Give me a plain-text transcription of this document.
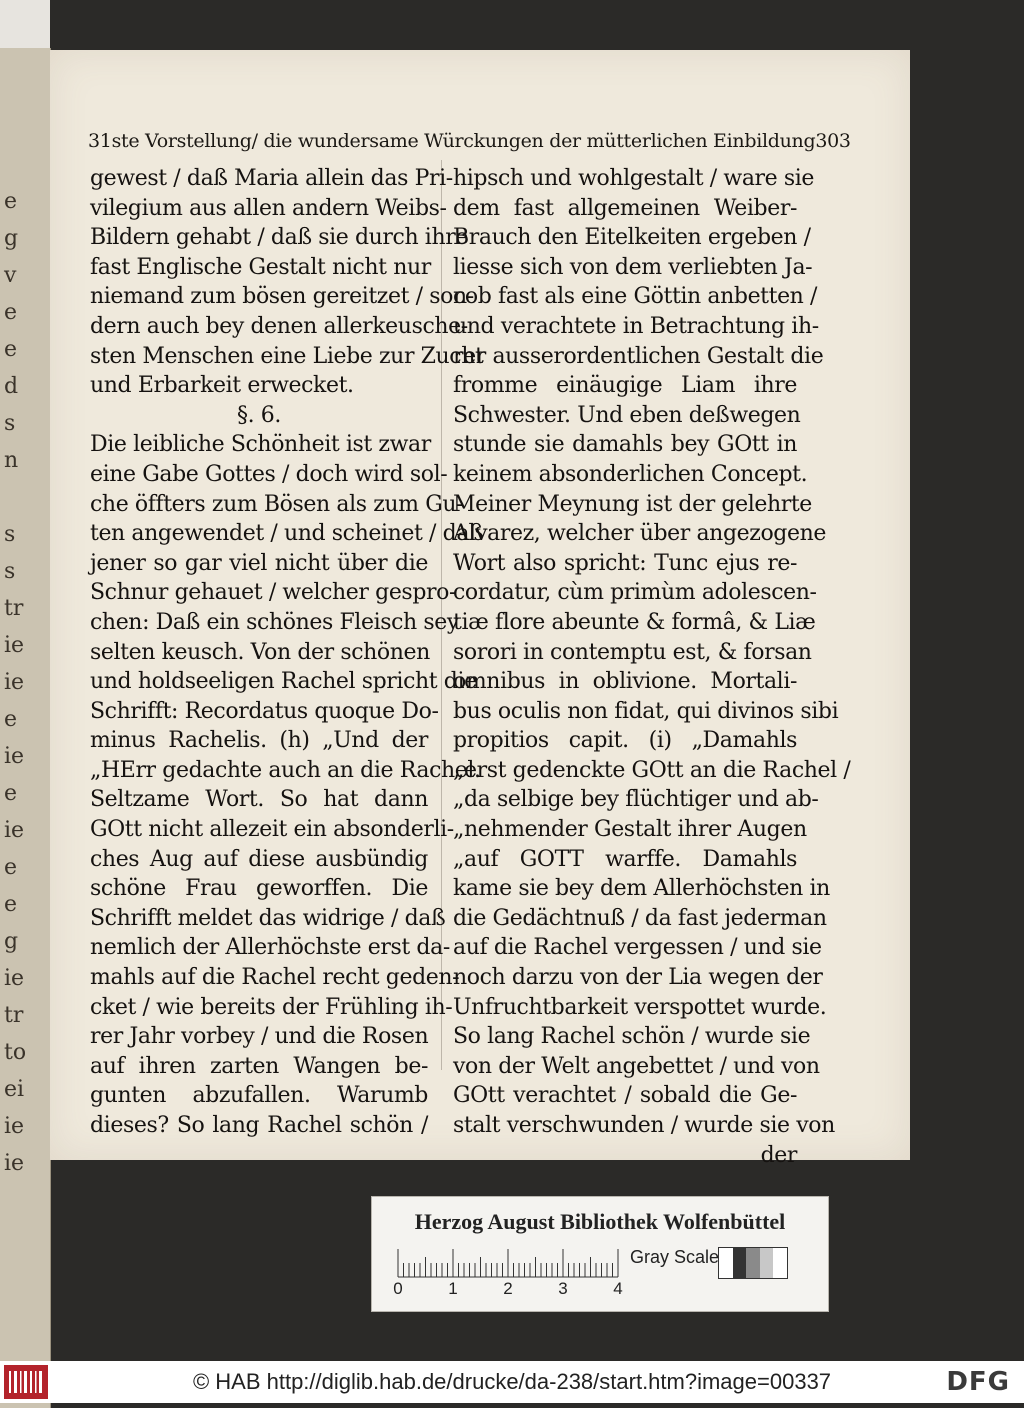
e
g
v
e
e
d
s
n

s
s
tr
ie
ie
e
ie
e
ie
e
e
g
ie
tr
to
ei
ie
ie
31ste Vorstellung/ die wundersame Würckungen der mütterlichen Einbildung 303
gewest / daß Maria allein das Pri-
vilegium aus allen andern Weibs-
Bildern gehabt / daß sie durch ihre
fast Englische Gestalt nicht nur
niemand zum bösen gereitzet / son-
dern auch bey denen allerkeusche-
sten Menschen eine Liebe zur Zucht
und Erbarkeit erwecket.
§. 6.
Die leibliche Schönheit ist zwar
eine Gabe Gottes / doch wird sol-
che öffters zum Bösen als zum Gu-
ten angewendet / und scheinet / daß
jener so gar viel nicht über die
Schnur gehauet / welcher gespro-
chen: Daß ein schönes Fleisch sey
selten keusch. Von der schönen
und holdseeligen Rachel spricht die
Schrifft: Recordatus quoque Do-
minus Rachelis. (h) „Und der
„HErr gedachte auch an die Rachel.
Seltzame Wort. So hat dann
GOtt nicht allezeit ein absonderli-
ches Aug auf diese ausbündig
schöne Frau geworffen. Die
Schrifft meldet das widrige / daß
nemlich der Allerhöchste erst da-
mahls auf die Rachel recht geden-
cket / wie bereits der Frühling ih-
rer Jahr vorbey / und die Rosen
auf ihren zarten Wangen be-
gunten abzufallen. Warumb
dieses? So lang Rachel schön /
hipsch und wohlgestalt / ware sie
dem fast allgemeinen Weiber-
Brauch den Eitelkeiten ergeben /
liesse sich von dem verliebten Ja-
cob fast als eine Göttin anbetten /
und verachtete in Betrachtung ih-
rer ausserordentlichen Gestalt die
fromme einäugige Liam ihre
Schwester. Und eben deßwegen
stunde sie damahls bey GOtt in
keinem absonderlichen Concept.
Meiner Meynung ist der gelehrte
Alvarez, welcher über angezogene
Wort also spricht: Tunc ejus re-
cordatur, cùm primùm adolescen-
tiæ flore abeunte & formâ, & Liæ
sorori in contemptu est, & forsan
omnibus in oblivione. Mortali-
bus oculis non fidat, qui divinos sibi
propitios capit. (i) „Damahls
„erst gedenckte GOtt an die Rachel /
„da selbige bey flüchtiger und ab-
„nehmender Gestalt ihrer Augen
„auf GOTT warffe. Damahls
kame sie bey dem Allerhöchsten in
die Gedächtnuß / da fast jederman
auf die Rachel vergessen / und sie
noch darzu von der Lia wegen der
Unfruchtbarkeit verspottet wurde.
So lang Rachel schön / wurde sie
von der Welt angebettet / und von
GOtt verachtet / sobald die Ge-
stalt verschwunden / wurde sie von
der
Herzog August Bibliothek Wolfenbüttel
0	1	2	3	4
Gray Scale
© HAB http://diglib.hab.de/drucke/da-238/start.htm?image=00337	DFG
